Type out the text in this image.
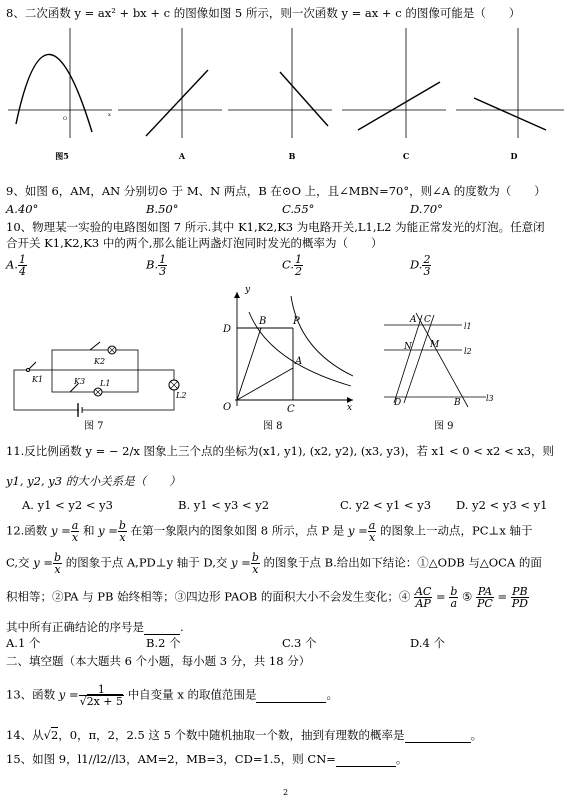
8、二次函数 y = ax² + bx + c 的图像如图 5 所示，则一次函数 y = ax + c 的图像可能是（　　）
O
x
图5	A	B	C	D
9、如图 6，AM，AN 分别切⊙ 于 M、N 两点，B 在⊙O 上，且∠MBN=70°，则∠A 的度数为（　　）
A.40°	B.50°	C.55°	D.70°
10、物理某一实验的电路图如图 7 所示.其中 K1,K2,K3 为电路开关,L1,L2 为能正常发光的灯泡。任意闭
合开关 K1,K2,K3 中的两个,那么能让两盏灯泡同时发光的概率为（　　）
A. $\frac{1}{4}$	B. $\frac{1}{3}$	C. $\frac{1}{2}$	D. $\frac{2}{3}$
K1
K2
K3 L1
L2
y
D
B	P
A
O	C	x
A C
l1
N M
l2
D	B	l3
图 7	图 8	图 9
11.反比例函数 y = − 2/x 图象上三个点的坐标为(x1, y1), (x2, y2), (x3, y3)，若 x1 < 0 < x2 < x3，则
y1, y2, y3 的大小关系是（　　）
A. y1 < y2 < y3	B. y1 < y3 < y2	C. y2 < y1 < y3 D. y2 < y3 < y1
12.函数 $y = \frac{a}{x}$ 和 $y = \frac{b}{x}$ 在第一象限内的图象如图 8 所示，点 P 是 $y = \frac{a}{x}$ 的图象上一动点，PC⊥x 轴于
C,交 $y = \frac{b}{x}$ 的图象于点 A,PD⊥y 轴于 D,交 $y = \frac{b}{x}$ 的图象于点 B.给出如下结论：①△ODB 与△OCA 的面
积相等；②PA 与 PB 始终相等；③四边形 PAOB 的面积大小不会发生变化；④ $\frac{AC}{AP} = \frac{b}{a}$ ⑤ $\frac{PA}{PC} = \frac{PB}{PD}$
其中所有正确结论的序号是	.
A.1 个	B.2 个	C.3 个	D.4 个
二、填空题（本大题共 6 个小题，每小题 3 分，共 18 分）
13、函数 $y = \frac{1}{√2x + 5}$ 中自变量 x 的取值范围是	。
14、从√2，0，π，2，2.5 这 5 个数中随机抽取一个数，抽到有理数的概率是	。
15、如图 9，l1//l2//l3，AM=2，MB=3，CD=1.5，则 CN=	。
2
